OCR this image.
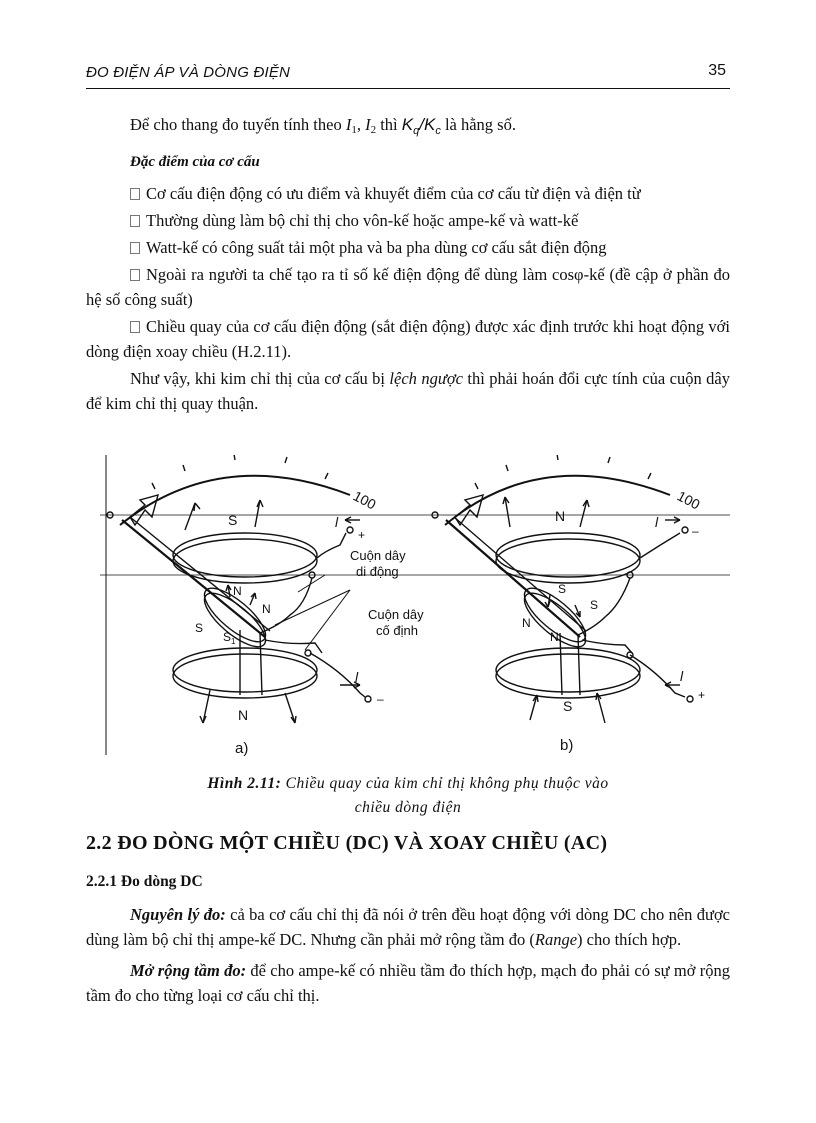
ĐO ĐIỆN ÁP VÀ DÒNG ĐIỆN	35

Để cho thang đo tuyến tính theo $I_1$, $I_2$ thì $K_q/K_c$ là hằng số.

Đặc điểm của cơ cấu

Cơ cấu điện động có ưu điểm và khuyết điểm của cơ cấu từ điện và điện từ

Thường dùng làm bộ chỉ thị cho vôn-kế hoặc ampe-kế và watt-kế

Watt-kế có công suất tải một pha và ba pha dùng cơ cấu sắt điện động

Ngoài ra người ta chế tạo ra tỉ số kế điện động để dùng làm cosφ-kế (đề cập ở phần đo hệ số công suất)

Chiều quay của cơ cấu điện động (sắt điện động) được xác định trước khi hoạt động với dòng điện xoay chiều (H.2.11).

Như vậy, khi kim chỉ thị của cơ cấu bị lệch ngược thì phải hoán đổi cực tính của cuộn dây để kim chỉ thị quay thuận.

100	100
S	l
+
Cuộn dây
di động
Cuộn dây
cố định
N
N
S
$S_1$
l
–
N
a)
N	l
–
S
S
N
N
l
+
S
b)
Hình 2.11: Chiều quay của kim chỉ thị không phụ thuộc vào
chiều dòng điện
2.2 ĐO DÒNG MỘT CHIỀU (DC) VÀ XOAY CHIỀU (AC)
2.2.1 Đo dòng DC

Nguyên lý đo: cả ba cơ cấu chỉ thị đã nói ở trên đều hoạt động với dòng DC cho nên được dùng làm bộ chỉ thị ampe-kế DC. Nhưng cần phải mở rộng tầm đo (Range) cho thích hợp.

Mở rộng tầm đo: để cho ampe-kế có nhiều tầm đo thích hợp, mạch đo phải có sự mở rộng tầm đo cho từng loại cơ cấu chỉ thị.
